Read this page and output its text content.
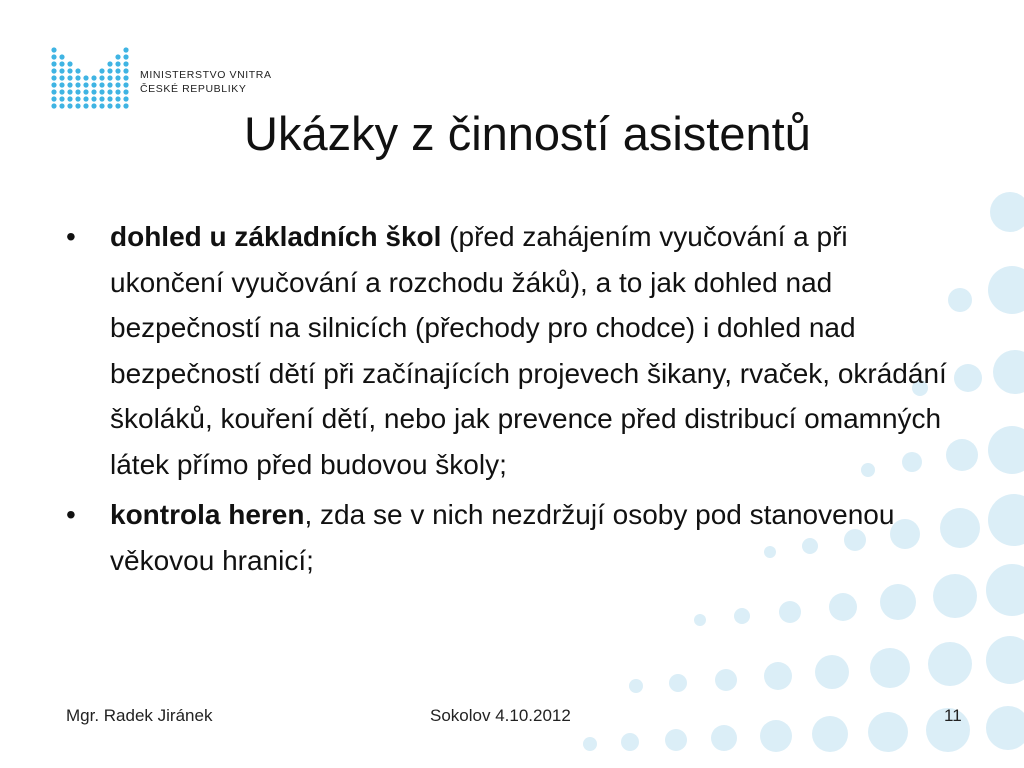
MINISTERSTVO VNITRA
ČESKÉ REPUBLIKY
Ukázky z činností asistentů
• dohled u základních škol (před zahájením vyučování a při ukončení vyučování a rozchodu žáků), a to jak dohled nad bezpečností na silnicích (přechody pro chodce) i dohled nad bezpečností dětí při začínajících projevech šikany, rvaček, okrádání školáků, kouření dětí, nebo jak prevence před distribucí omamných látek přímo před budovou školy;
• kontrola heren, zda se v nich nezdržují osoby pod stanovenou věkovou hranicí;
Mgr. Radek Jiránek	Sokolov 4.10.2012	11
